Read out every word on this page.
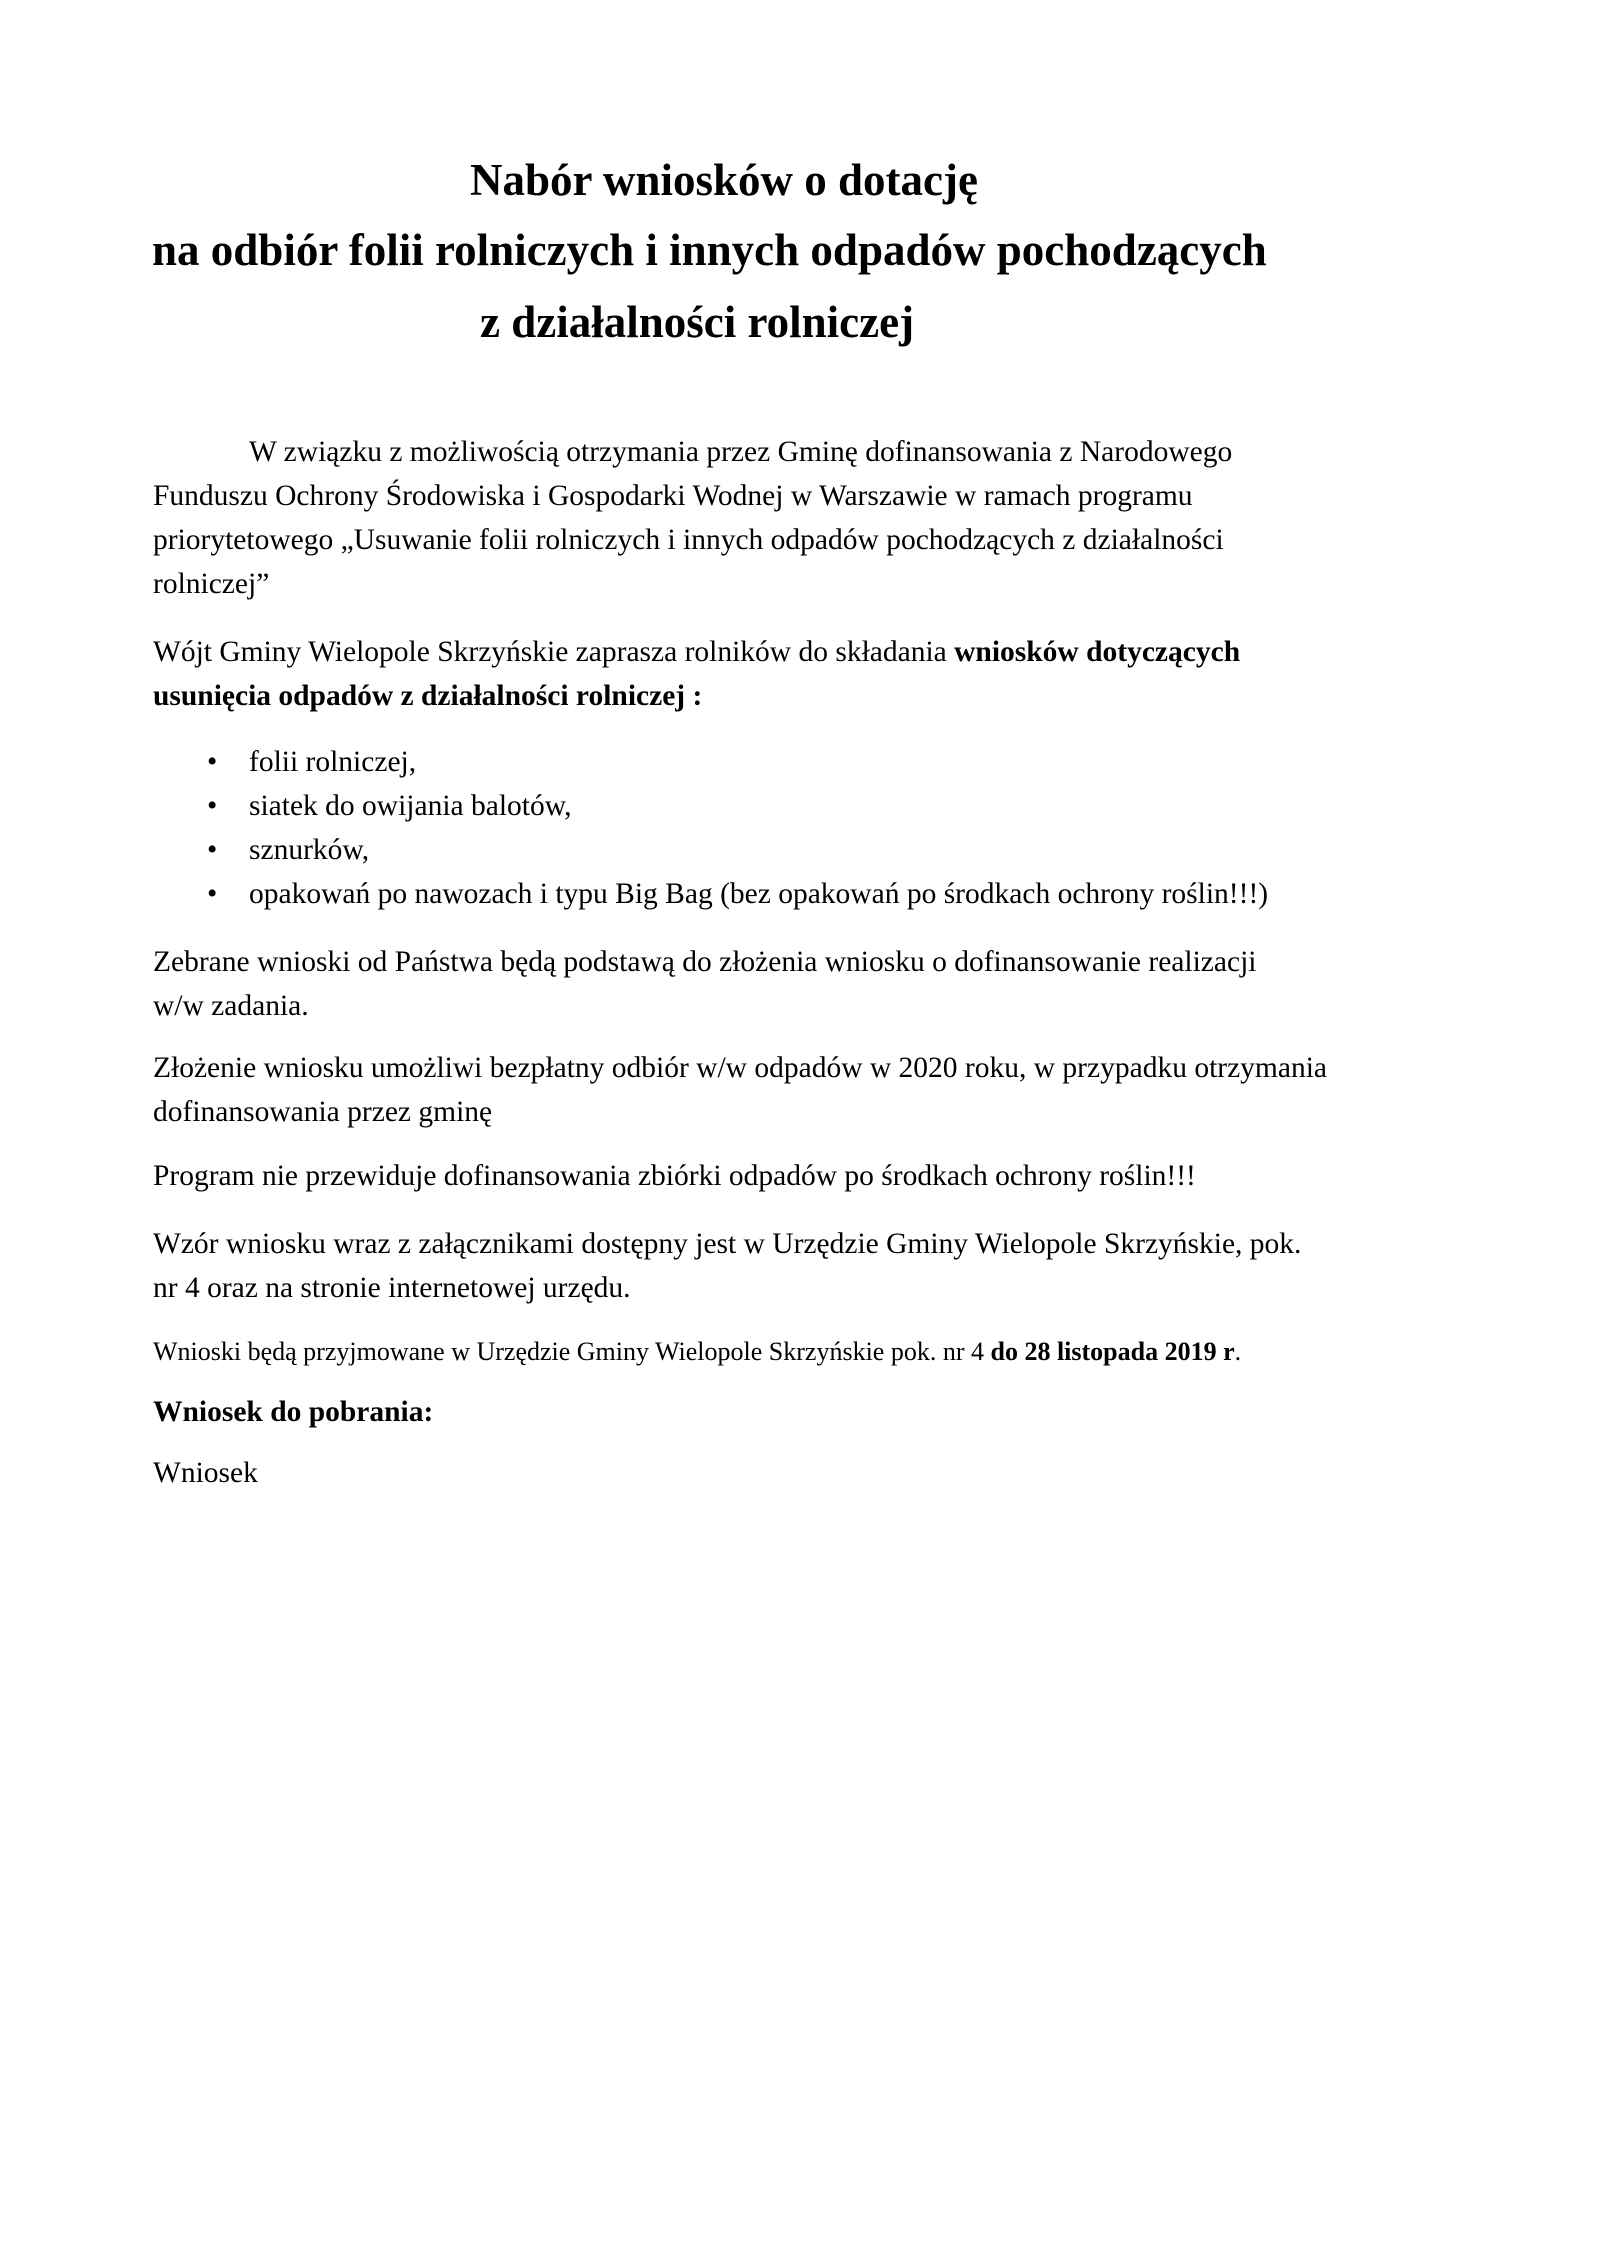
Nabór wniosków o dotację
na odbiór folii rolniczych i innych odpadów pochodzących
z działalności rolniczej
W związku z możliwością otrzymania przez Gminę dofinansowania z Narodowego
Funduszu Ochrony Środowiska i Gospodarki Wodnej w Warszawie w ramach programu
priorytetowego „Usuwanie folii rolniczych i innych odpadów pochodzących z działalności
rolniczej”
Wójt Gminy Wielopole Skrzyńskie zaprasza rolników do składania wniosków dotyczących
usunięcia odpadów z działalności rolniczej :
• folii rolniczej,
• siatek do owijania balotów,
• sznurków,
• opakowań po nawozach i typu Big Bag (bez opakowań po środkach ochrony roślin!!!)
Zebrane wnioski od Państwa będą podstawą do złożenia wniosku o dofinansowanie realizacji
w/w zadania.
Złożenie wniosku umożliwi bezpłatny odbiór w/w odpadów w 2020 roku, w przypadku otrzymania
dofinansowania przez gminę
Program nie przewiduje dofinansowania zbiórki odpadów po środkach ochrony roślin!!!
Wzór wniosku wraz z załącznikami dostępny jest w Urzędzie Gminy Wielopole Skrzyńskie, pok.
nr 4 oraz na stronie internetowej urzędu.
Wnioski będą przyjmowane w Urzędzie Gminy Wielopole Skrzyńskie pok. nr 4 do 28 listopada 2019 r.
Wniosek do pobrania:
Wniosek
